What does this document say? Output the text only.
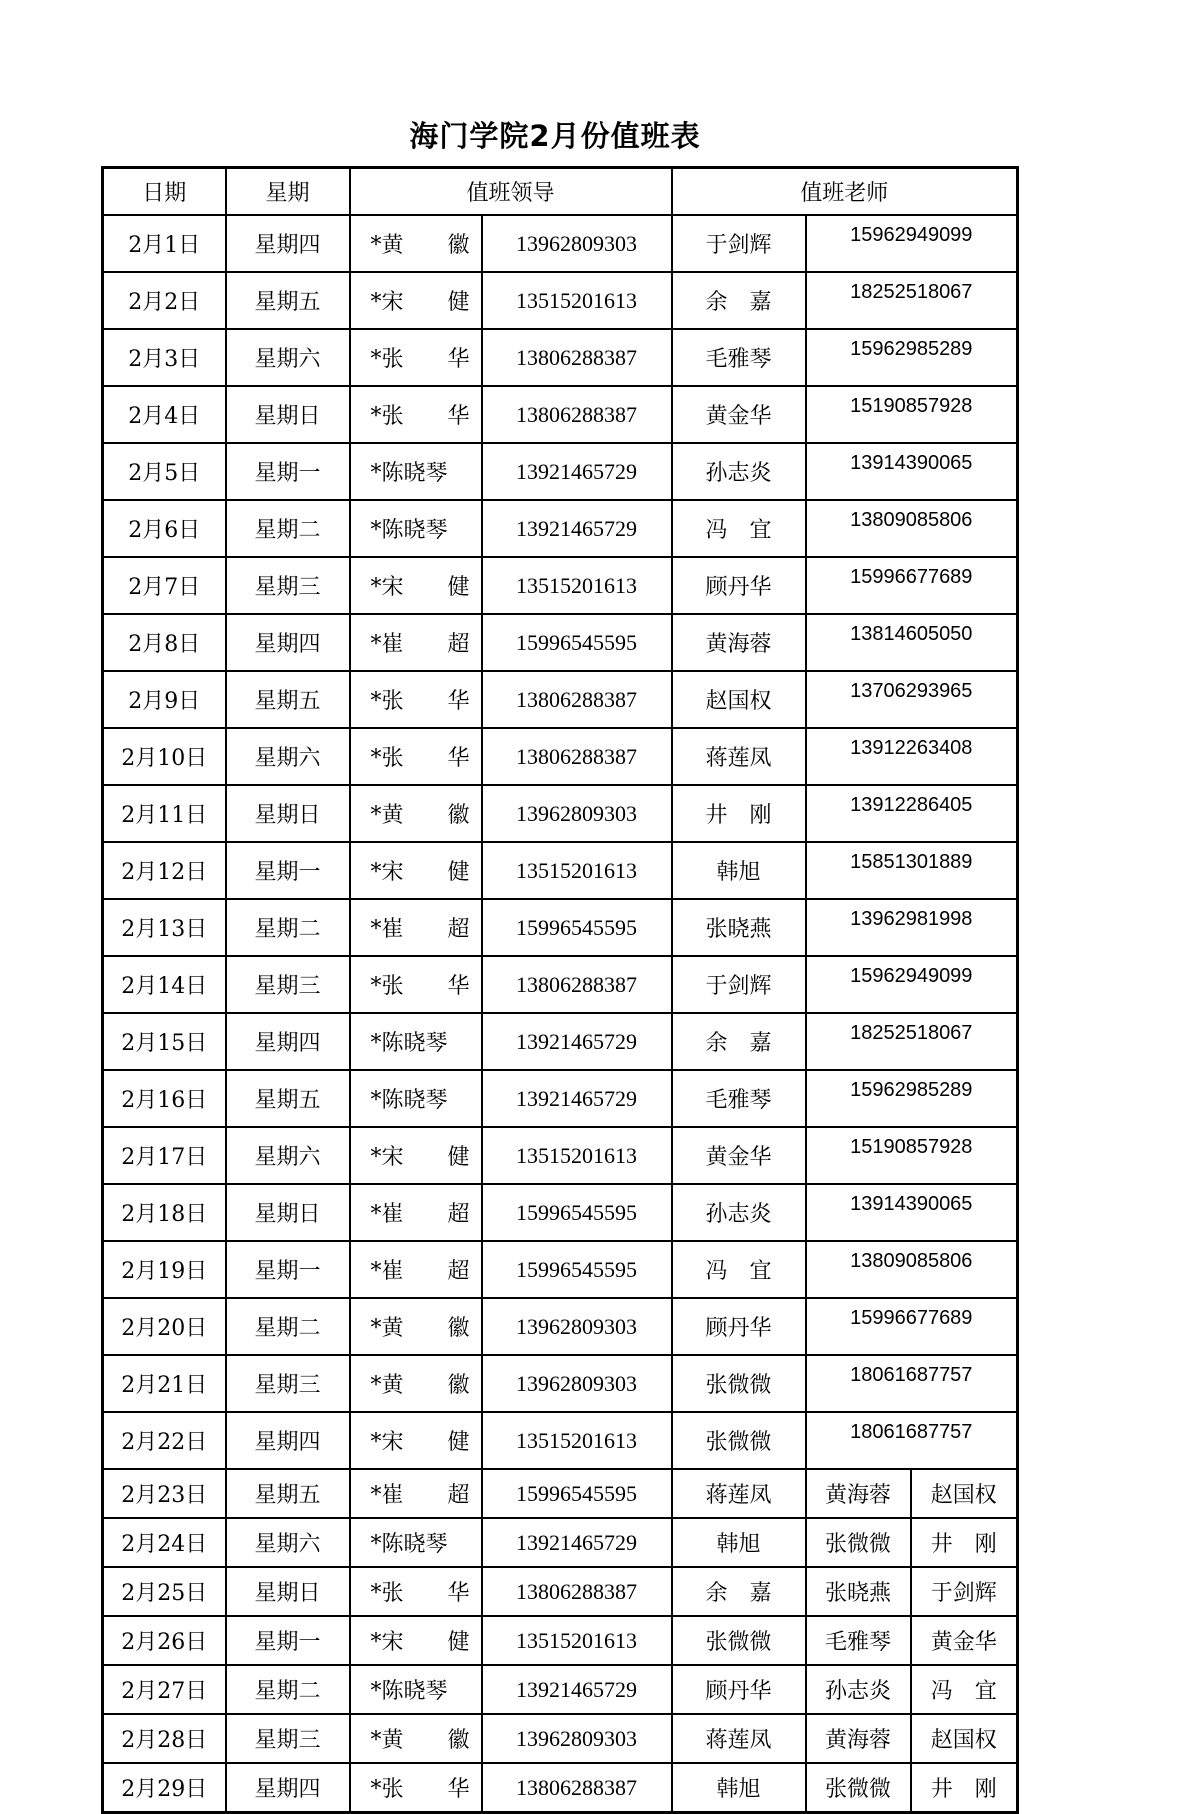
海门学院2月份值班表
日期	星期	值班领导		值班老师		
2月1日	星期四	*黄　　徽	13962809303	于剑辉	15962949099	
2月2日	星期五	*宋　　健	13515201613	余　嘉	18252518067	
2月3日	星期六	*张　　华	13806288387	毛雅琴	15962985289	
2月4日	星期日	*张　　华	13806288387	黄金华	15190857928	
2月5日	星期一	*陈晓琴	13921465729	孙志炎	13914390065	
2月6日	星期二	*陈晓琴	13921465729	冯　宜	13809085806	
2月7日	星期三	*宋　　健	13515201613	顾丹华	15996677689	
2月8日	星期四	*崔　　超	15996545595	黄海蓉	13814605050	
2月9日	星期五	*张　　华	13806288387	赵国权	13706293965	
2月10日	星期六	*张　　华	13806288387	蒋莲凤	13912263408	
2月11日	星期日	*黄　　徽	13962809303	井　刚	13912286405	
2月12日	星期一	*宋　　健	13515201613	韩旭	15851301889	
2月13日	星期二	*崔　　超	15996545595	张晓燕	13962981998	
2月14日	星期三	*张　　华	13806288387	于剑辉	15962949099	
2月15日	星期四	*陈晓琴	13921465729	余　嘉	18252518067	
2月16日	星期五	*陈晓琴	13921465729	毛雅琴	15962985289	
2月17日	星期六	*宋　　健	13515201613	黄金华	15190857928	
2月18日	星期日	*崔　　超	15996545595	孙志炎	13914390065	
2月19日	星期一	*崔　　超	15996545595	冯　宜	13809085806	
2月20日	星期二	*黄　　徽	13962809303	顾丹华	15996677689	
2月21日	星期三	*黄　　徽	13962809303	张微微	18061687757	
2月22日	星期四	*宋　　健	13515201613	张微微	18061687757	
2月23日	星期五	*崔　　超	15996545595	蒋莲凤	黄海蓉	赵国权
2月24日	星期六	*陈晓琴	13921465729	韩旭	张微微	井　刚
2月25日	星期日	*张　　华	13806288387	余　嘉	张晓燕	于剑辉
2月26日	星期一	*宋　　健	13515201613	张微微	毛雅琴	黄金华
2月27日	星期二	*陈晓琴	13921465729	顾丹华	孙志炎	冯　宜
2月28日	星期三	*黄　　徽	13962809303	蒋莲凤	黄海蓉	赵国权
2月29日	星期四	*张　　华	13806288387	韩旭	张微微	井　刚
